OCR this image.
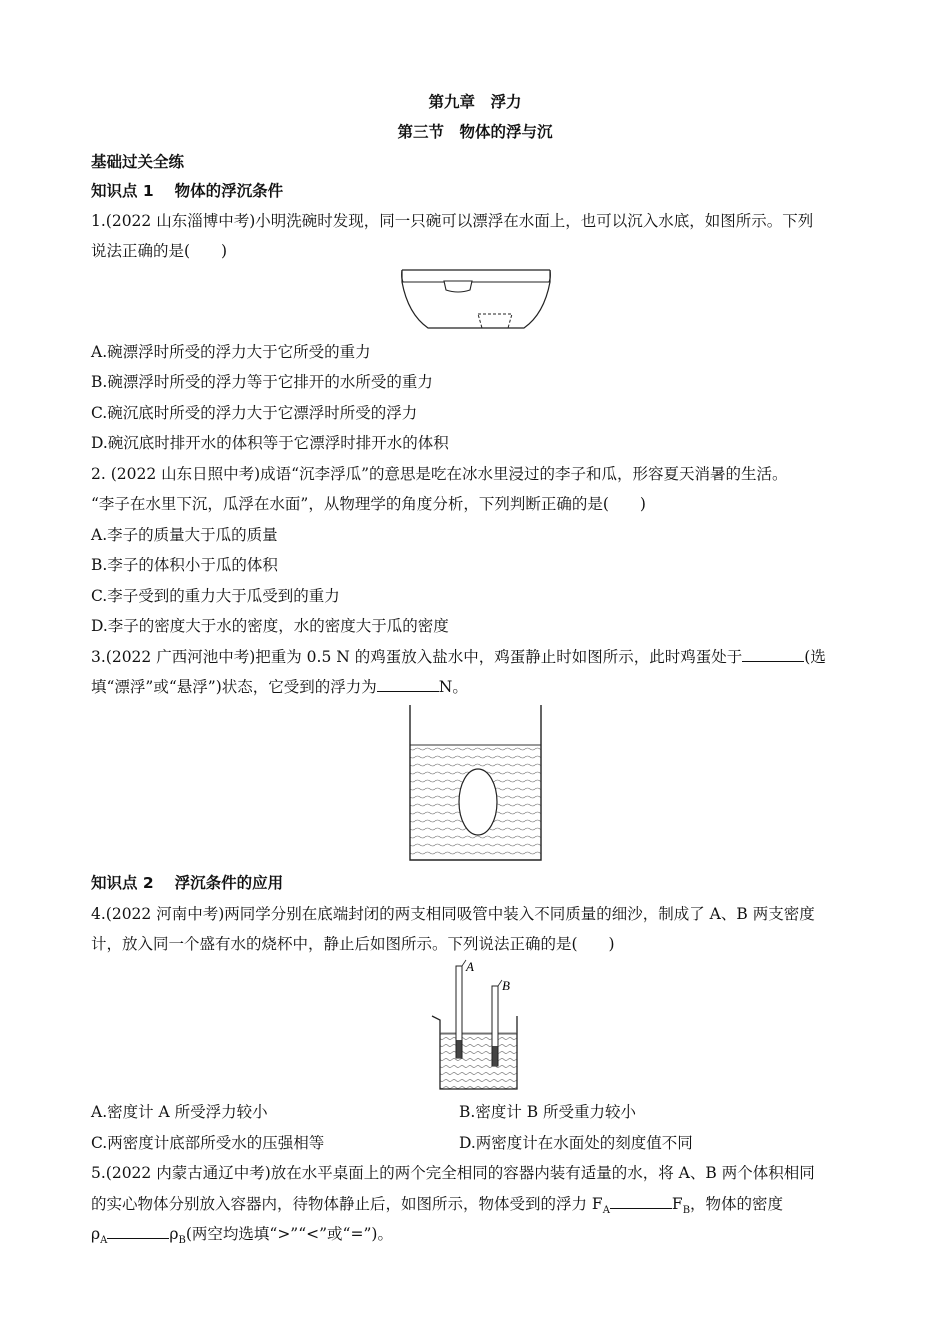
第九章　浮力
第三节　物体的浮与沉
基础过关全练
知识点 1　 物体的浮沉条件
1.(2022 山东淄博中考)小明洗碗时发现，同一只碗可以漂浮在水面上，也可以沉入水底，如图所示。下列
说法正确的是(　　)
A.碗漂浮时所受的浮力大于它所受的重力
B.碗漂浮时所受的浮力等于它排开的水所受的重力
C.碗沉底时所受的浮力大于它漂浮时所受的浮力
D.碗沉底时排开水的体积等于它漂浮时排开水的体积
2. (2022 山东日照中考)成语“沉李浮瓜”的意思是吃在冰水里浸过的李子和瓜，形容夏天消暑的生活。
“李子在水里下沉，瓜浮在水面”，从物理学的角度分析，下列判断正确的是(　　)
A.李子的质量大于瓜的质量
B.李子的体积小于瓜的体积
C.李子受到的重力大于瓜受到的重力
D.李子的密度大于水的密度，水的密度大于瓜的密度
3.(2022 广西河池中考)把重为 0.5 N 的鸡蛋放入盐水中，鸡蛋静止时如图所示，此时鸡蛋处于	(选
填“漂浮”或“悬浮”)状态，它受到的浮力为	N。
知识点 2　 浮沉条件的应用
4.(2022 河南中考)两同学分别在底端封闭的两支相同吸管中装入不同质量的细沙，制成了 A、B 两支密度
计，放入同一个盛有水的烧杯中，静止后如图所示。下列说法正确的是(　　)
A
B
A.密度计 A 所受浮力较小	B.密度计 B 所受重力较小
C.两密度计底部所受水的压强相等	D.两密度计在水面处的刻度值不同
5.(2022 内蒙古通辽中考)放在水平桌面上的两个完全相同的容器内装有适量的水，将 A、B 两个体积相同
的实心物体分别放入容器内，待物体静止后，如图所示，物体受到的浮力 $F_A$	$F_B$，物体的密度
$\rho_A$	$\rho_B$(两空均选填“>”“<”或“=”)。
